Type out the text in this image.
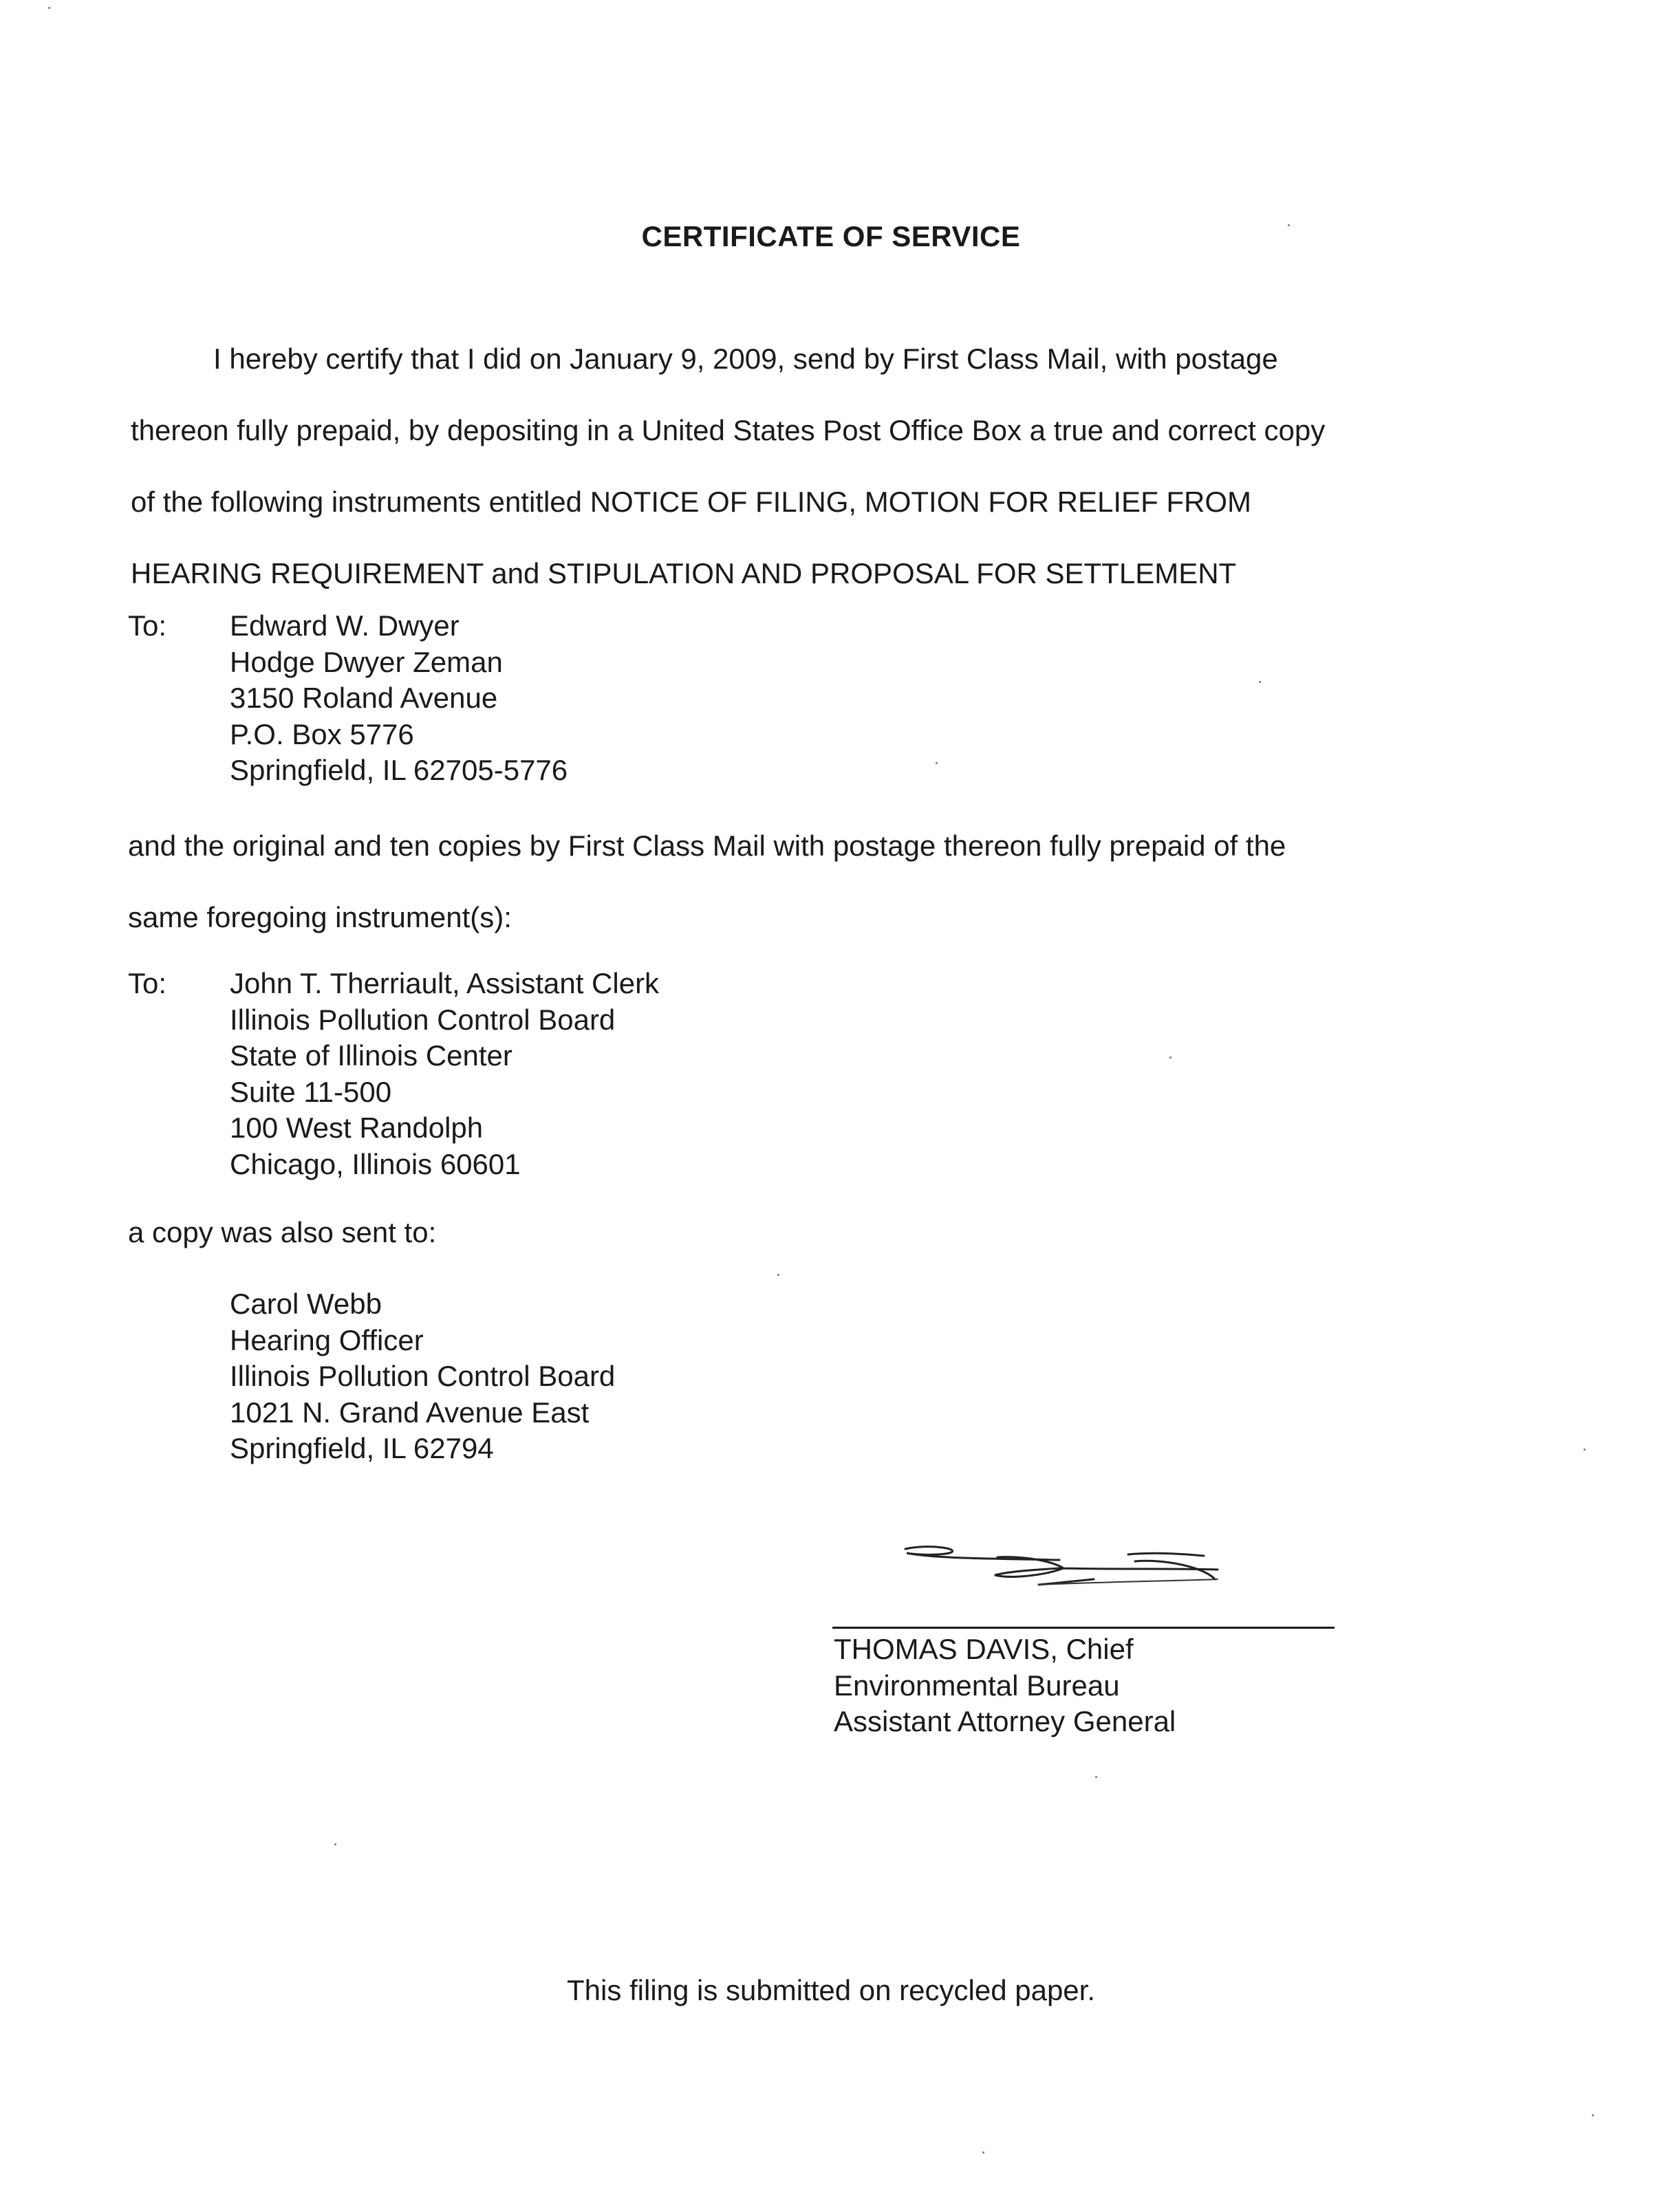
CERTIFICATE OF SERVICE

I hereby certify that I did on January 9, 2009, send by First Class Mail, with postage
thereon fully prepaid, by depositing in a United States Post Office Box a true and correct copy
of the following instruments entitled NOTICE OF FILING, MOTION FOR RELIEF FROM
HEARING REQUIREMENT and STIPULATION AND PROPOSAL FOR SETTLEMENT

To: Edward W. Dwyer
Hodge Dwyer Zeman
3150 Roland Avenue
P.O. Box 5776
Springfield, IL 62705-5776

and the original and ten copies by First Class Mail with postage thereon fully prepaid of the
same foregoing instrument(s):

To: John T. Therriault, Assistant Clerk
Illinois Pollution Control Board
State of Illinois Center
Suite 11-500
100 West Randolph
Chicago, Illinois 60601

a copy was also sent to:

Carol Webb
Hearing Officer
Illinois Pollution Control Board
1021 N. Grand Avenue East
Springfield, IL 62794
THOMAS DAVIS, Chief
Environmental Bureau
Assistant Attorney General

This filing is submitted on recycled paper.
